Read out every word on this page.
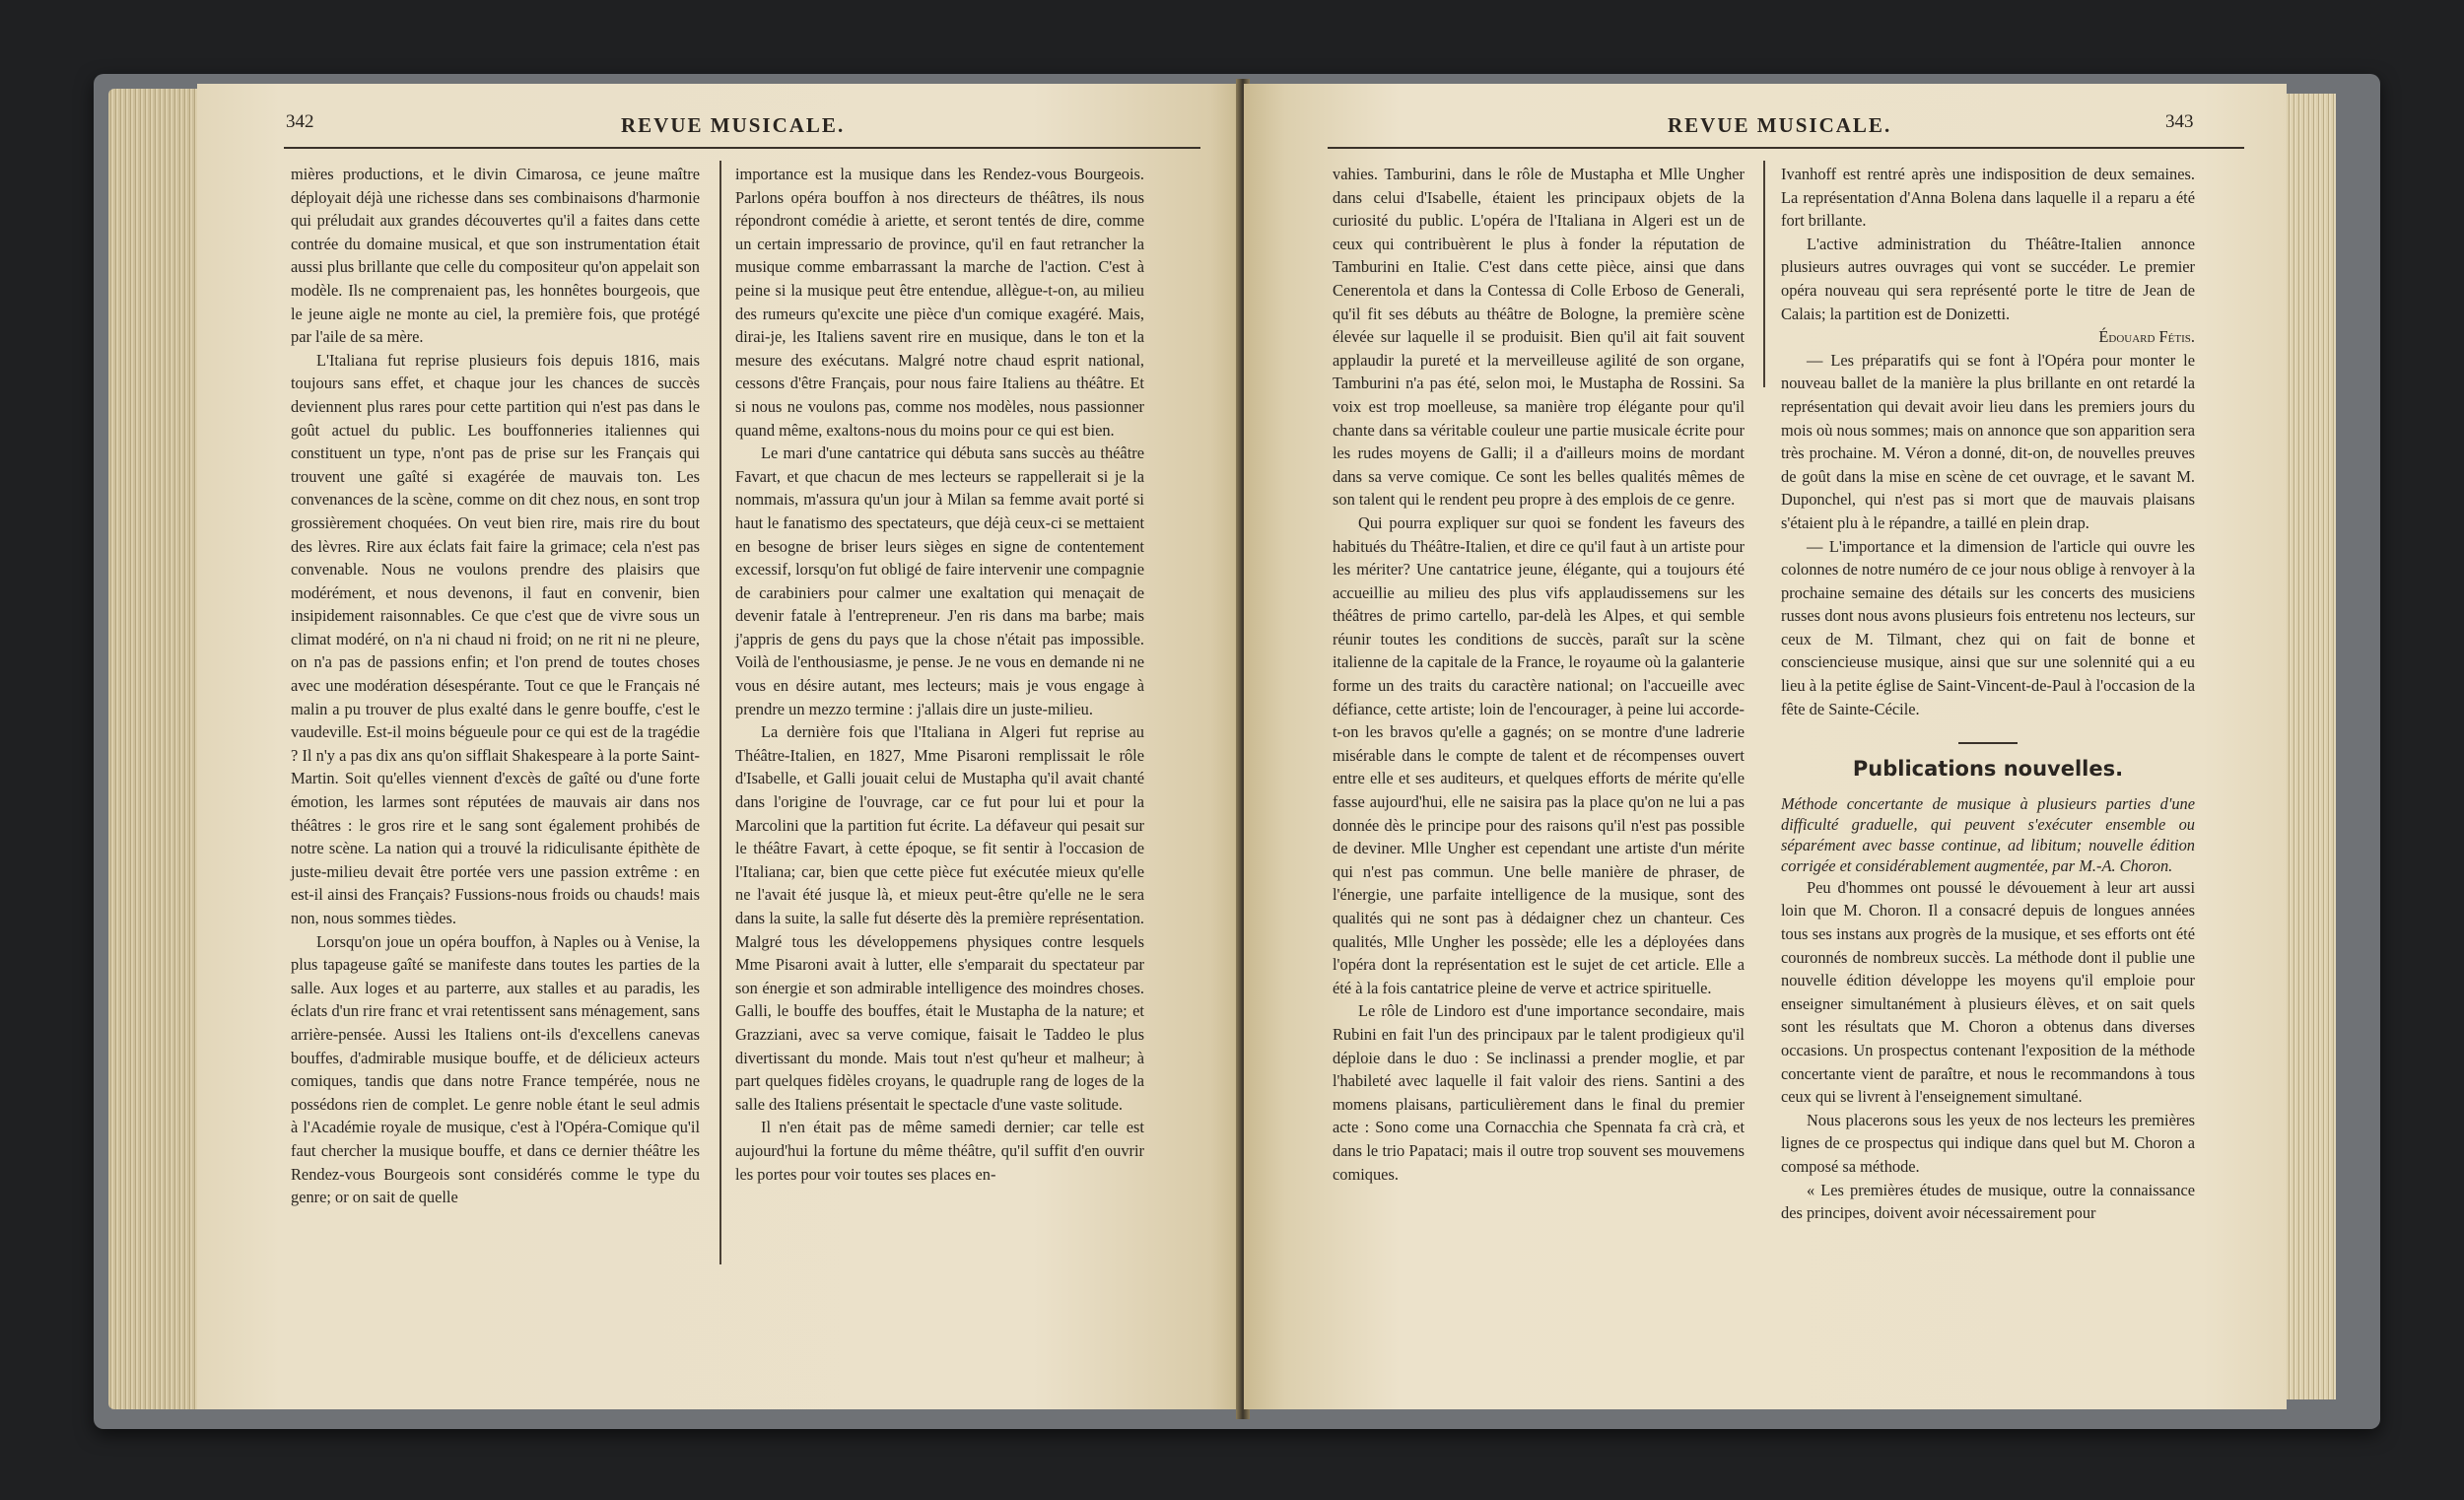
342	REVUE MUSICALE.

mières productions, et le divin Cimarosa, ce jeune maître déployait déjà une richesse dans ses combinaisons d'harmonie qui préludait aux grandes découvertes qu'il a faites dans cette contrée du domaine musical, et que son instrumentation était aussi plus brillante que celle du compositeur qu'on appelait son modèle. Ils ne comprenaient pas, les honnêtes bourgeois, que le jeune aigle ne monte au ciel, la première fois, que protégé par l'aile de sa mère.

L'Italiana fut reprise plusieurs fois depuis 1816, mais toujours sans effet, et chaque jour les chances de succès deviennent plus rares pour cette partition qui n'est pas dans le goût actuel du public. Les bouffonneries italiennes qui constituent un type, n'ont pas de prise sur les Français qui trouvent une gaîté si exagérée de mauvais ton. Les convenances de la scène, comme on dit chez nous, en sont trop grossièrement choquées. On veut bien rire, mais rire du bout des lèvres. Rire aux éclats fait faire la grimace; cela n'est pas convenable. Nous ne voulons prendre des plaisirs que modérément, et nous devenons, il faut en convenir, bien insipidement raisonnables. Ce que c'est que de vivre sous un climat modéré, on n'a ni chaud ni froid; on ne rit ni ne pleure, on n'a pas de passions enfin; et l'on prend de toutes choses avec une modération désespérante. Tout ce que le Français né malin a pu trouver de plus exalté dans le genre bouffe, c'est le vaudeville. Est-il moins bégueule pour ce qui est de la tragédie ? Il n'y a pas dix ans qu'on sifflait Shakespeare à la porte Saint-Martin. Soit qu'elles viennent d'excès de gaîté ou d'une forte émotion, les larmes sont réputées de mauvais air dans nos théâtres : le gros rire et le sang sont également prohibés de notre scène. La nation qui a trouvé la ridiculisante épithète de juste-milieu devait être portée vers une passion extrême : en est-il ainsi des Français? Fussions-nous froids ou chauds! mais non, nous sommes tièdes.

Lorsqu'on joue un opéra bouffon, à Naples ou à Venise, la plus tapageuse gaîté se manifeste dans toutes les parties de la salle. Aux loges et au parterre, aux stalles et au paradis, les éclats d'un rire franc et vrai retentissent sans ménagement, sans arrière-pensée. Aussi les Italiens ont-ils d'excellens canevas bouffes, d'admirable musique bouffe, et de délicieux acteurs comiques, tandis que dans notre France tempérée, nous ne possédons rien de complet. Le genre noble étant le seul admis à l'Académie royale de musique, c'est à l'Opéra-Comique qu'il faut chercher la musique bouffe, et dans ce dernier théâtre les Rendez-vous Bourgeois sont considérés comme le type du genre; or on sait de quelle

importance est la musique dans les Rendez-vous Bourgeois. Parlons opéra bouffon à nos directeurs de théâtres, ils nous répondront comédie à ariette, et seront tentés de dire, comme un certain impressario de province, qu'il en faut retrancher la musique comme embarrassant la marche de l'action. C'est à peine si la musique peut être entendue, allègue-t-on, au milieu des rumeurs qu'excite une pièce d'un comique exagéré. Mais, dirai-je, les Italiens savent rire en musique, dans le ton et la mesure des exécutans. Malgré notre chaud esprit national, cessons d'être Français, pour nous faire Italiens au théâtre. Et si nous ne voulons pas, comme nos modèles, nous passionner quand même, exaltons-nous du moins pour ce qui est bien.

Le mari d'une cantatrice qui débuta sans succès au théâtre Favart, et que chacun de mes lecteurs se rappellerait si je la nommais, m'assura qu'un jour à Milan sa femme avait porté si haut le fanatismo des spectateurs, que déjà ceux-ci se mettaient en besogne de briser leurs sièges en signe de contentement excessif, lorsqu'on fut obligé de faire intervenir une compagnie de carabiniers pour calmer une exaltation qui menaçait de devenir fatale à l'entrepreneur. J'en ris dans ma barbe; mais j'appris de gens du pays que la chose n'était pas impossible. Voilà de l'enthousiasme, je pense. Je ne vous en demande ni ne vous en désire autant, mes lecteurs; mais je vous engage à prendre un mezzo termine : j'allais dire un juste-milieu.

La dernière fois que l'Italiana in Algeri fut reprise au Théâtre-Italien, en 1827, Mme Pisaroni remplissait le rôle d'Isabelle, et Galli jouait celui de Mustapha qu'il avait chanté dans l'origine de l'ouvrage, car ce fut pour lui et pour la Marcolini que la partition fut écrite. La défaveur qui pesait sur le théâtre Favart, à cette époque, se fit sentir à l'occasion de l'Italiana; car, bien que cette pièce fut exécutée mieux qu'elle ne l'avait été jusque là, et mieux peut-être qu'elle ne le sera dans la suite, la salle fut déserte dès la première représentation. Malgré tous les développemens physiques contre lesquels Mme Pisaroni avait à lutter, elle s'emparait du spectateur par son énergie et son admirable intelligence des moindres choses. Galli, le bouffe des bouffes, était le Mustapha de la nature; et Grazziani, avec sa verve comique, faisait le Taddeo le plus divertissant du monde. Mais tout n'est qu'heur et malheur; à part quelques fidèles croyans, le quadruple rang de loges de la salle des Italiens présentait le spectacle d'une vaste solitude.

Il n'en était pas de même samedi dernier; car telle est aujourd'hui la fortune du même théâtre, qu'il suffit d'en ouvrir les portes pour voir toutes ses places en-

REVUE MUSICALE.	343

vahies. Tamburini, dans le rôle de Mustapha et Mlle Ungher dans celui d'Isabelle, étaient les principaux objets de la curiosité du public. L'opéra de l'Italiana in Algeri est un de ceux qui contribuèrent le plus à fonder la réputation de Tamburini en Italie. C'est dans cette pièce, ainsi que dans Cenerentola et dans la Contessa di Colle Erboso de Generali, qu'il fit ses débuts au théâtre de Bologne, la première scène élevée sur laquelle il se produisit. Bien qu'il ait fait souvent applaudir la pureté et la merveilleuse agilité de son organe, Tamburini n'a pas été, selon moi, le Mustapha de Rossini. Sa voix est trop moelleuse, sa manière trop élégante pour qu'il chante dans sa véritable couleur une partie musicale écrite pour les rudes moyens de Galli; il a d'ailleurs moins de mordant dans sa verve comique. Ce sont les belles qualités mêmes de son talent qui le rendent peu propre à des emplois de ce genre.

Qui pourra expliquer sur quoi se fondent les faveurs des habitués du Théâtre-Italien, et dire ce qu'il faut à un artiste pour les mériter? Une cantatrice jeune, élégante, qui a toujours été accueillie au milieu des plus vifs applaudissemens sur les théâtres de primo cartello, par-delà les Alpes, et qui semble réunir toutes les conditions de succès, paraît sur la scène italienne de la capitale de la France, le royaume où la galanterie forme un des traits du caractère national; on l'accueille avec défiance, cette artiste; loin de l'encourager, à peine lui accorde-t-on les bravos qu'elle a gagnés; on se montre d'une ladrerie misérable dans le compte de talent et de récompenses ouvert entre elle et ses auditeurs, et quelques efforts de mérite qu'elle fasse aujourd'hui, elle ne saisira pas la place qu'on ne lui a pas donnée dès le principe pour des raisons qu'il n'est pas possible de deviner. Mlle Ungher est cependant une artiste d'un mérite qui n'est pas commun. Une belle manière de phraser, de l'énergie, une parfaite intelligence de la musique, sont des qualités qui ne sont pas à dédaigner chez un chanteur. Ces qualités, Mlle Ungher les possède; elle les a déployées dans l'opéra dont la représentation est le sujet de cet article. Elle a été à la fois cantatrice pleine de verve et actrice spirituelle.

Le rôle de Lindoro est d'une importance secondaire, mais Rubini en fait l'un des principaux par le talent prodigieux qu'il déploie dans le duo : Se inclinassi a prender moglie, et par l'habileté avec laquelle il fait valoir des riens. Santini a des momens plaisans, particulièrement dans le final du premier acte : Sono come una Cornacchia che Spennata fa crà crà, et dans le trio Papataci; mais il outre trop souvent ses mouvemens comiques.

Ivanhoff est rentré après une indisposition de deux semaines. La représentation d'Anna Bolena dans laquelle il a reparu a été fort brillante.

L'active administration du Théâtre-Italien annonce plusieurs autres ouvrages qui vont se succéder. Le premier opéra nouveau qui sera représenté porte le titre de Jean de Calais; la partition est de Donizetti.

Édouard Fétis.

— Les préparatifs qui se font à l'Opéra pour monter le nouveau ballet de la manière la plus brillante en ont retardé la représentation qui devait avoir lieu dans les premiers jours du mois où nous sommes; mais on annonce que son apparition sera très prochaine. M. Véron a donné, dit-on, de nouvelles preuves de goût dans la mise en scène de cet ouvrage, et le savant M. Duponchel, qui n'est pas si mort que de mauvais plaisans s'étaient plu à le répandre, a taillé en plein drap.

— L'importance et la dimension de l'article qui ouvre les colonnes de notre numéro de ce jour nous oblige à renvoyer à la prochaine semaine des détails sur les concerts des musiciens russes dont nous avons plusieurs fois entretenu nos lecteurs, sur ceux de M. Tilmant, chez qui on fait de bonne et consciencieuse musique, ainsi que sur une solennité qui a eu lieu à la petite église de Saint-Vincent-de-Paul à l'occasion de la fête de Sainte-Cécile.

Publications nouvelles.

Méthode concertante de musique à plusieurs parties d'une difficulté graduelle, qui peuvent s'exécuter ensemble ou séparément avec basse continue, ad libitum; nouvelle édition corrigée et considérablement augmentée, par M.-A. Choron.

Peu d'hommes ont poussé le dévouement à leur art aussi loin que M. Choron. Il a consacré depuis de longues années tous ses instans aux progrès de la musique, et ses efforts ont été couronnés de nombreux succès. La méthode dont il publie une nouvelle édition développe les moyens qu'il emploie pour enseigner simultanément à plusieurs élèves, et on sait quels sont les résultats que M. Choron a obtenus dans diverses occasions. Un prospectus contenant l'exposition de la méthode concertante vient de paraître, et nous le recommandons à tous ceux qui se livrent à l'enseignement simultané.

Nous placerons sous les yeux de nos lecteurs les premières lignes de ce prospectus qui indique dans quel but M. Choron a composé sa méthode.

« Les premières études de musique, outre la connaissance des principes, doivent avoir nécessairement pour
